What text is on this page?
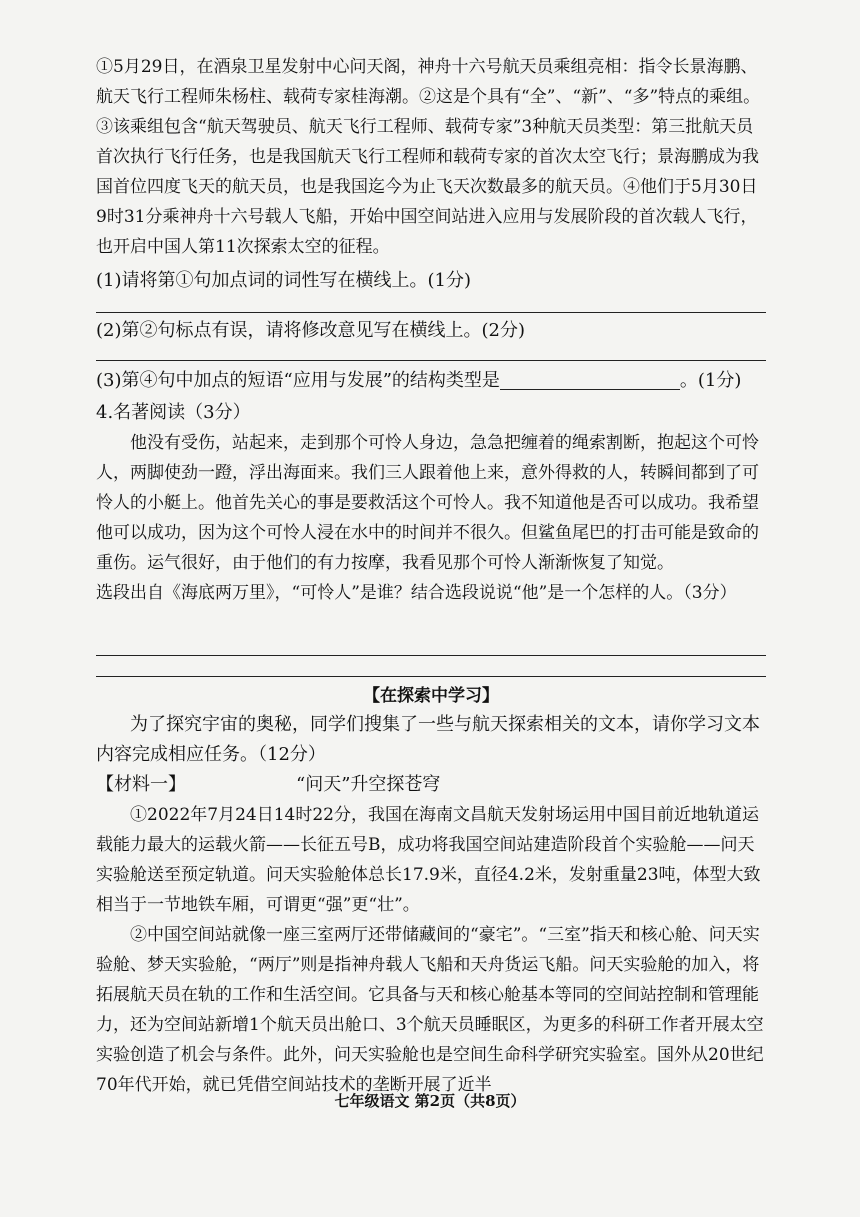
①5月29日，在酒泉卫星发射中心问天阁，神舟十六号航天员乘组亮相：指令长景海鹏、航天飞行工程师朱杨柱、载荷专家桂海潮。②这是个具有“全”、“新”、“多”特点的乘组。③该乘组包含“航天驾驶员、航天飞行工程师、载荷专家”3种航天员类型：第三批航天员首次执行飞行任务，也是我国航天飞行工程师和载荷专家的首次太空飞行；景海鹏成为我国首位四度飞天的航天员，也是我国迄今为止飞天次数最多的航天员。④他们于5月30日9时31分乘神舟十六号载人飞船，开始中国空间站进入应用与发展阶段的首次载人飞行，也开启中国人第11次探索太空的征程。

(1)请将第①句加点词的词性写在横线上。(1分)
(2)第②句标点有误，请将修改意见写在横线上。(2分)
(3)第④句中加点的短语“应用与发展”的结构类型是	。(1分)

4.名著阅读（3分）

他没有受伤，站起来，走到那个可怜人身边，急急把缠着的绳索割断，抱起这个可怜人，两脚使劲一蹬，浮出海面来。我们三人跟着他上来，意外得救的人，转瞬间都到了可怜人的小艇上。他首先关心的事是要救活这个可怜人。我不知道他是否可以成功。我希望他可以成功，因为这个可怜人浸在水中的时间并不很久。但鲨鱼尾巴的打击可能是致命的重伤。运气很好，由于他们的有力按摩，我看见那个可怜人渐渐恢复了知觉。

选段出自《海底两万里》，“可怜人”是谁？结合选段说说“他”是一个怎样的人。（3分）

【在探索中学习】

为了探究宇宙的奥秘，同学们搜集了一些与航天探索相关的文本，请你学习文本内容完成相应任务。（12分）

【材料一】	“问天”升空探苍穹

①2022年7月24日14时22分，我国在海南文昌航天发射场运用中国目前近地轨道运载能力最大的运载火箭——长征五号B，成功将我国空间站建造阶段首个实验舱——问天实验舱送至预定轨道。问天实验舱体总长17.9米，直径4.2米，发射重量23吨，体型大致相当于一节地铁车厢，可谓更“强”更“壮”。

②中国空间站就像一座三室两厅还带储藏间的“豪宅”。“三室”指天和核心舱、问天实验舱、梦天实验舱，“两厅”则是指神舟载人飞船和天舟货运飞船。问天实验舱的加入，将拓展航天员在轨的工作和生活空间。它具备与天和核心舱基本等同的空间站控制和管理能力，还为空间站新增1个航天员出舱口、3个航天员睡眠区，为更多的科研工作者开展太空实验创造了机会与条件。此外，问天实验舱也是空间生命科学研究实验室。国外从20世纪70年代开始，就已凭借空间站技术的垄断开展了近半

七年级语文 第2页（共8页）
